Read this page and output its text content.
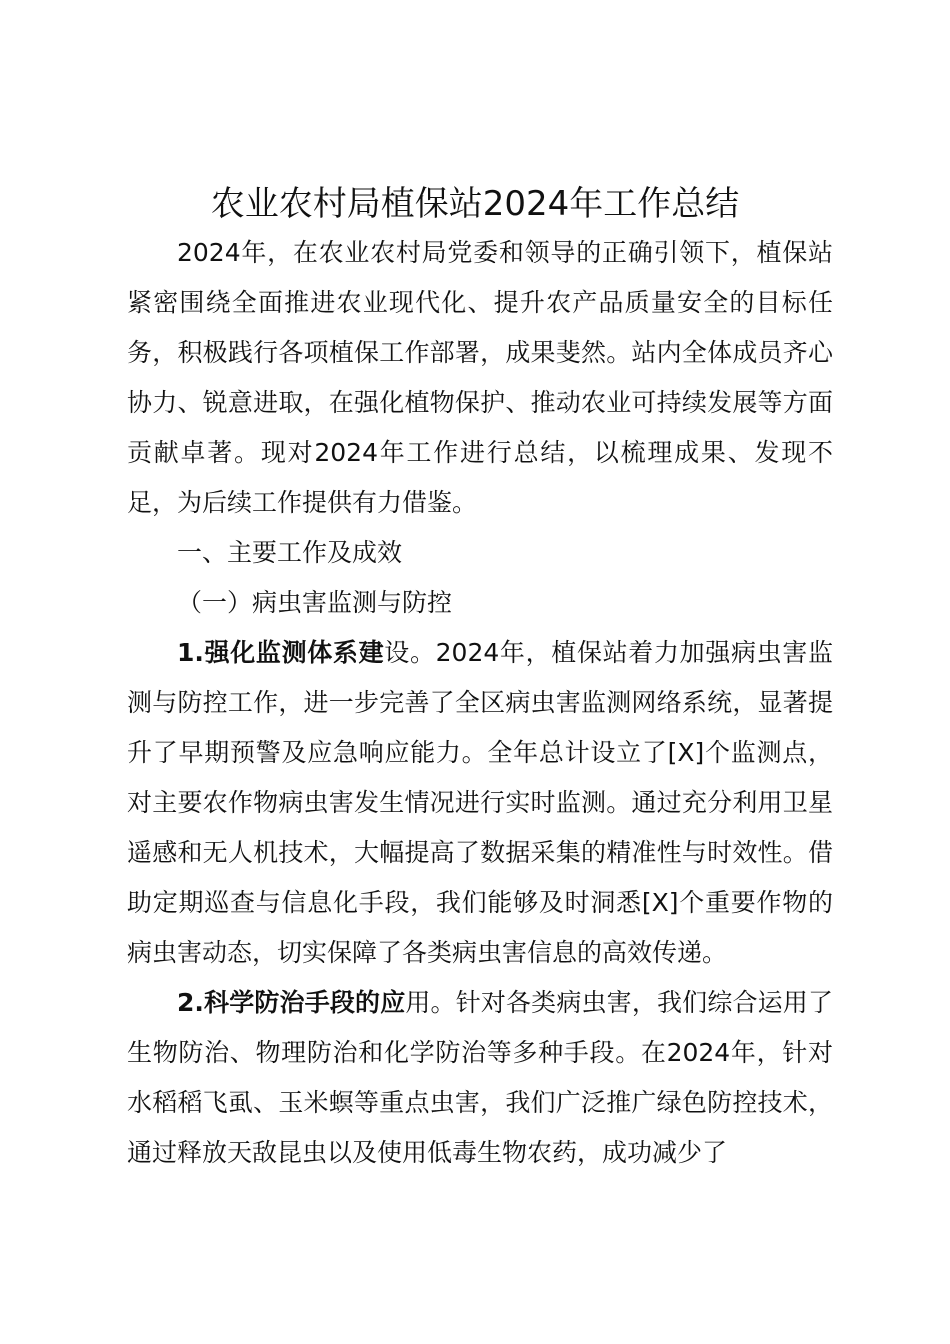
农业农村局植保站2024年工作总结

2024年，在农业农村局党委和领导的正确引领下，植保站紧密围绕全面推进农业现代化、提升农产品质量安全的目标任务，积极践行各项植保工作部署，成果斐然。站内全体成员齐心协力、锐意进取，在强化植物保护、推动农业可持续发展等方面贡献卓著。现对2024年工作进行总结，以梳理成果、发现不足，为后续工作提供有力借鉴。

一、主要工作及成效

（一）病虫害监测与防控

1.强化监测体系建设。2024年，植保站着力加强病虫害监测与防控工作，进一步完善了全区病虫害监测网络系统，显著提升了早期预警及应急响应能力。全年总计设立了[X]个监测点，对主要农作物病虫害发生情况进行实时监测。通过充分利用卫星遥感和无人机技术，大幅提高了数据采集的精准性与时效性。借助定期巡查与信息化手段，我们能够及时洞悉[X]个重要作物的病虫害动态，切实保障了各类病虫害信息的高效传递。

2.科学防治手段的应用。针对各类病虫害，我们综合运用了生物防治、物理防治和化学防治等多种手段。在2024年，针对水稻稻飞虱、玉米螟等重点虫害，我们广泛推广绿色防控技术，通过释放天敌昆虫以及使用低毒生物农药，成功减少了
